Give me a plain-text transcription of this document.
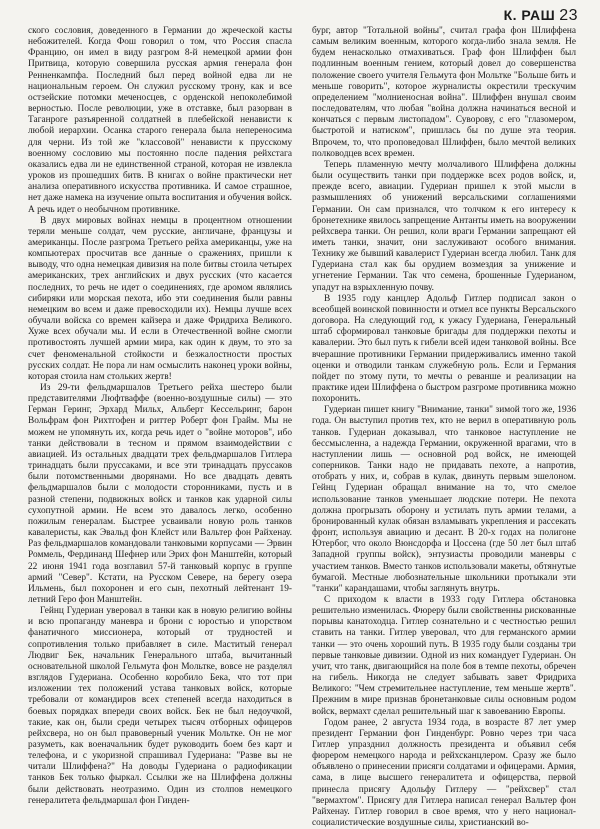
К. РАШ 23

ского сословия, доведенного в Германии до жреческой касты небожителей. Когда Фош говорил о том, что Россия спасла Францию, он имел в виду разгром 8-й немецкой армии фон Притвица, которую совершила русская армия генерала фон Ренненкампфа. Последний был перед войной едва ли не национальным героем. Он служил русскому трону, как и все остзейские потомки меченосцев, с орденской непоколебимой верностью. После революции, уже в отставке, был разорван в Таганроге разъяренной солдатней в плебейской ненависти к любой иерархии. Осанка старого генерала была непереносима для черни. Из той же "классовой" ненависти к прусскому военному сословию мы постоянно после падения рейхстага оказались едва ли не единственной страной, которая не извлекла уроков из прошедших битв. В книгах о войне практически нет анализа оперативного искусства противника. И самое страшное, нет даже намека на изучение опыта воспитания и обучения войск. А речь идет о необычном противнике.

В двух мировых войнах немцы в процентном отношении теряли меньше солдат, чем русские, англичане, французы и американцы. После разгрома Третьего рейха американцы, уже на компьютерах просчитав все данные о сражениях, пришли к выводу, что одна немецкая дивизия на поле битвы стоила четырех американских, трех английских и двух русских (что касается последних, то речь не идет о соединениях, где аромом являлись сибиряки или морская пехота, ибо эти соединения были равны немецким во всем и даже превосходили их). Немцы лучше всех обучали войска со времен кайзера и даже Фридриха Великого. Хуже всех обучали мы. И если в Отечественной войне смогли противостоять лучшей армии мира, как один к двум, то это за счет феноменальной стойкости и безжалостности простых русских солдат. Не пора ли нам осмыслить наконец уроки войны, которая стоила нам стольких жертв!

Из 29-ти фельдмаршалов Третьего рейха шестеро были представителями Люфтваффе (военно-воздушные силы) — это Герман Геринг, Эрхард Мильх, Альберт Кессельринг, барон Вольфрам фон Рихтгофен и риттер Роберт фон Грайм. Мы не можем не упомянуть их, когда речь идет о "войне моторов", ибо танки действовали в тесном и прямом взаимодействии с авиацией. Из остальных двадцати трех фельдмаршалов Гитлера тринадцать были пруссаками, и все эти тринадцать пруссаков были потомственными дворянами. Но все двадцать девять фельдмаршалов были с молодости сторонниками, пусть и в разной степени, подвижных войск и танков как ударной силы сухопутной армии. Не всем это давалось легко, особенно пожилым генералам. Быстрее усваивали новую роль танков кавалеристы, как Эвальд фон Клейст или Вальтер фон Райхенау. Раз фельдмаршалов командовали танковыми корпусами — Эрвин Роммель, Фердинанд Шефнер или Эрих фон Манштейн, который 22 июня 1941 года возглавил 57-й танковый корпус в группе армий "Север". Кстати, на Русском Севере, на берегу озера Ильмень, был похоронен и его сын, пехотный лейтенант 19-летний Геро фон Манштейн.

Гейнц Гудериан уверовал в танки как в новую религию войны и всю пропаганду маневра и брони с юростью и упорством фанатичного миссионера, который от трудностей и сопротивления только прибавляет в силе. Маститый генерал Людвиг Бек, начальник Генерального штаба, вычитанный основательной школой Гельмута фон Мольтке, вовсе не разделял взглядов Гудериана. Особенно коробило Бека, что тот при изложении тех положений устава танковых войск, которые требовали от командиров всех степеней всегда находиться в боевых порядках впереди своих войск. Бек не был недоучкой, такие, как он, были среди четырех тысяч отборных офицеров рейхсвера, но он был правоверный ученик Мольтке. Он не мог разуметь, как военачальник будет руководить боем без карт и телефона, и с укоризной спрашивал Гудериана: "Разве вы не читали Шлиффена?" На доводы Гудериана о радиофикации танков Бек только фыркал. Ссылки же на Шлиффена должны были действовать неотразимо. Один из столпов немецкого генералитета фельдмаршал фон Гинден-

бург, автор "Тотальной войны", считал графа фон Шлиффена самым великим военным, которого когда-либо знала земля. Не будем ненасколько отмахиваться. Граф фон Шлиффен был подлинным военным гением, который довел до совершенства положение своего учителя Гельмута фон Мольтке "Больше бить и меньше говорить", которое журналисты окрестили трескучим определением "молниеносная война". Шлиффен внушал своим последователям, что любая "война должна начинаться весной и кончаться с первым листопадом". Суворову, с его "глазомером, быстротой и натиском", пришлась бы по душе эта теория. Впрочем, то, что проповедовал Шлиффен, было мечтой великих полководцев всех времен.

Теперь пламенную мечту молчаливого Шлиффена должны были осуществить танки при поддержке всех родов войск, и, прежде всего, авиации. Гудериан пришел к этой мысли в размышлениях об унижений версальскими соглашениями Германии. Он сам признался, что толчком к его интересу к бронетехнике явилось запрещение Антанты иметь на вооружении рейхсвера танки. Он решил, коли враги Германии запрещают ей иметь танки, значит, они заслуживают особого внимания. Технику же бывший кавалерист Гудериан всегда любил. Танк для Гудериана стал как бы орудием возмездия за унижение и угнетение Германии. Так что семена, брошенные Гудерианом, упадут на взрыхленную почву.

В 1935 году канцлер Адольф Гитлер подписал закон о всеобщей воинской повинности и отмел все пункты Версальского договора. На следующий год, к ужасу Гудериана, Генеральный штаб сформировал танковые бригады для поддержки пехоты и кавалерии. Это был путь к гибели всей идеи танковой войны. Все вчерашние противники Германии придерживались именно такой оценки и отводили танкам служебную роль. Если и Германия пойдет по этому пути, то мечты о реванше и реализации на практике идеи Шлиффена о быстром разгроме противника можно похоронить.

Гудериан пишет книгу "Внимание, танки" зимой того же, 1936 года. Он выступил против тех, кто не верил в оперативную роль танков. Гудериан доказывал, что танковое наступление не бессмысленна, а надежда Германии, окруженной врагами, что в наступлении лишь — основной род войск, не имеющей соперников. Танки надо не придавать пехоте, а напротив, отобрать у них, и, собрав в кулак, двинуть первым эшелоном. Гейнц Гудериан обращал внимание на то, что смелое использование танков уменьшает людские потери. Не пехота должна прогрызать оборону и устилать путь армии телами, а бронированный кулак обязан взламывать укрепления и рассекать фронт, используя авиацию и десант. В 20-х годах на полигоне Ютербог, что около Вюнсдорфа и Цоссена (где 50 лет был штаб Западной группы войск), энтузиасты проводили маневры с участием танков. Вместо танков использовали макеты, обтянутые бумагой. Местные любознательные школьники протыкали эти "танки" карандашами, чтобы заглянуть внутрь.

С приходом к власти в 1933 году Гитлера обстановка решительно изменилась. Фюреру были свойственны рискованные порывы канатоходца. Гитлер сознательно и с честностью решил ставить на танки. Гитлер уверовал, что для германского армии танки — это очень хороший путь. В 1935 году были созданы три первые танковые дивизии. Одной из них командует Гудериан. Он учит, что танк, двигающийся на поле боя в темпе пехоты, обречен на гибель. Никогда не следует забывать завет Фридриха Великого: "Чем стремительнее наступление, тем меньше жертв". Прежним в мире признав бронетанковые силы основным родом войск, вермахт сделал решительный шаг к завоеванию Европы.

Годом ранее, 2 августа 1934 года, в возрасте 87 лет умер президент Германии фон Гинденбург. Ровно через три часа Гитлер упразднил должность президента и объявил себя фюрером немецкого народа и рейхсканцлером. Сразу же было объявлено о принесении присяги солдатами и офицерами. Армия, сама, в лице высшего генералитета и офицерства, первой принесла присягу Адольфу Гитлеру — "рейхсвер" стал "вермахтом". Присягу для Гитлера написал генерал Вальтер фон Райхенау. Гитлер говорил в свое время, что у него национал-социалистические воздушные силы, христианский во-
